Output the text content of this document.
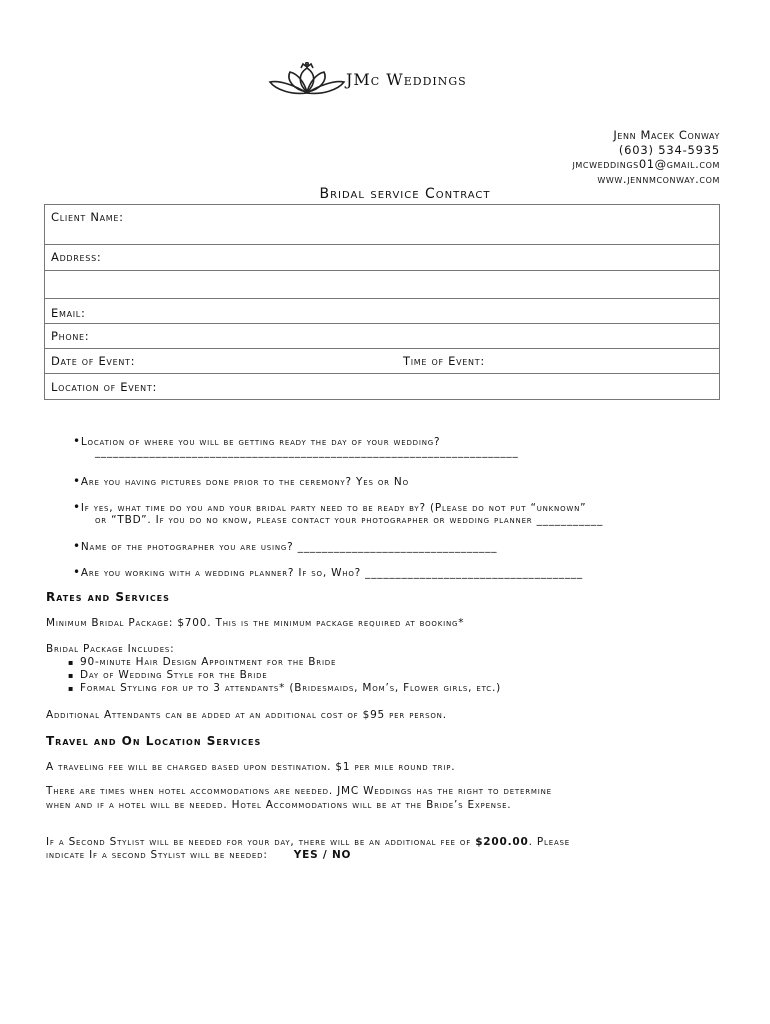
JMc Weddings
Jenn Macek Conway
(603) 534-5935
jmcweddings01@gmail.com
www.jennmconway.com
Bridal service Contract
Client Name:

Address:

Email:

Phone:

Date of Event:	Time of Event:

Location of Event:
•Location of where you will be getting ready the day of your wedding?
______________________________________________________________________
•Are you having pictures done prior to the ceremony? Yes or No
•If yes, what time do you and your bridal party need to be ready by? (Please do not put “unknown”
or “TBD”. If you do no know, please contact your photographer or wedding planner ___________
•Name of the photographer you are using? _________________________________
•Are you working with a wedding planner? If so, Who? ____________________________________
Rates and Services
Minimum Bridal Package: $700. This is the minimum package required at booking*
Bridal Package Includes:
▪ 90-minute Hair Design Appointment for the Bride
▪ Day of Wedding Style for the Bride
▪ Formal Styling for up to 3 attendants* (Bridesmaids, Mom’s, Flower girls, etc.)
Additional Attendants can be added at an additional cost of $95 per person.
Travel and On Location Services
A traveling fee will be charged based upon destination. $1 per mile round trip.
There are times when hotel accommodations are needed. JMC Weddings has the right to determine
when and if a hotel will be needed. Hotel Accommodations will be at the Bride’s Expense.
If a Second Stylist will be needed for your day, there will be an additional fee of $200.00. Please
indicate If a second Stylist will be needed: YES / NO
